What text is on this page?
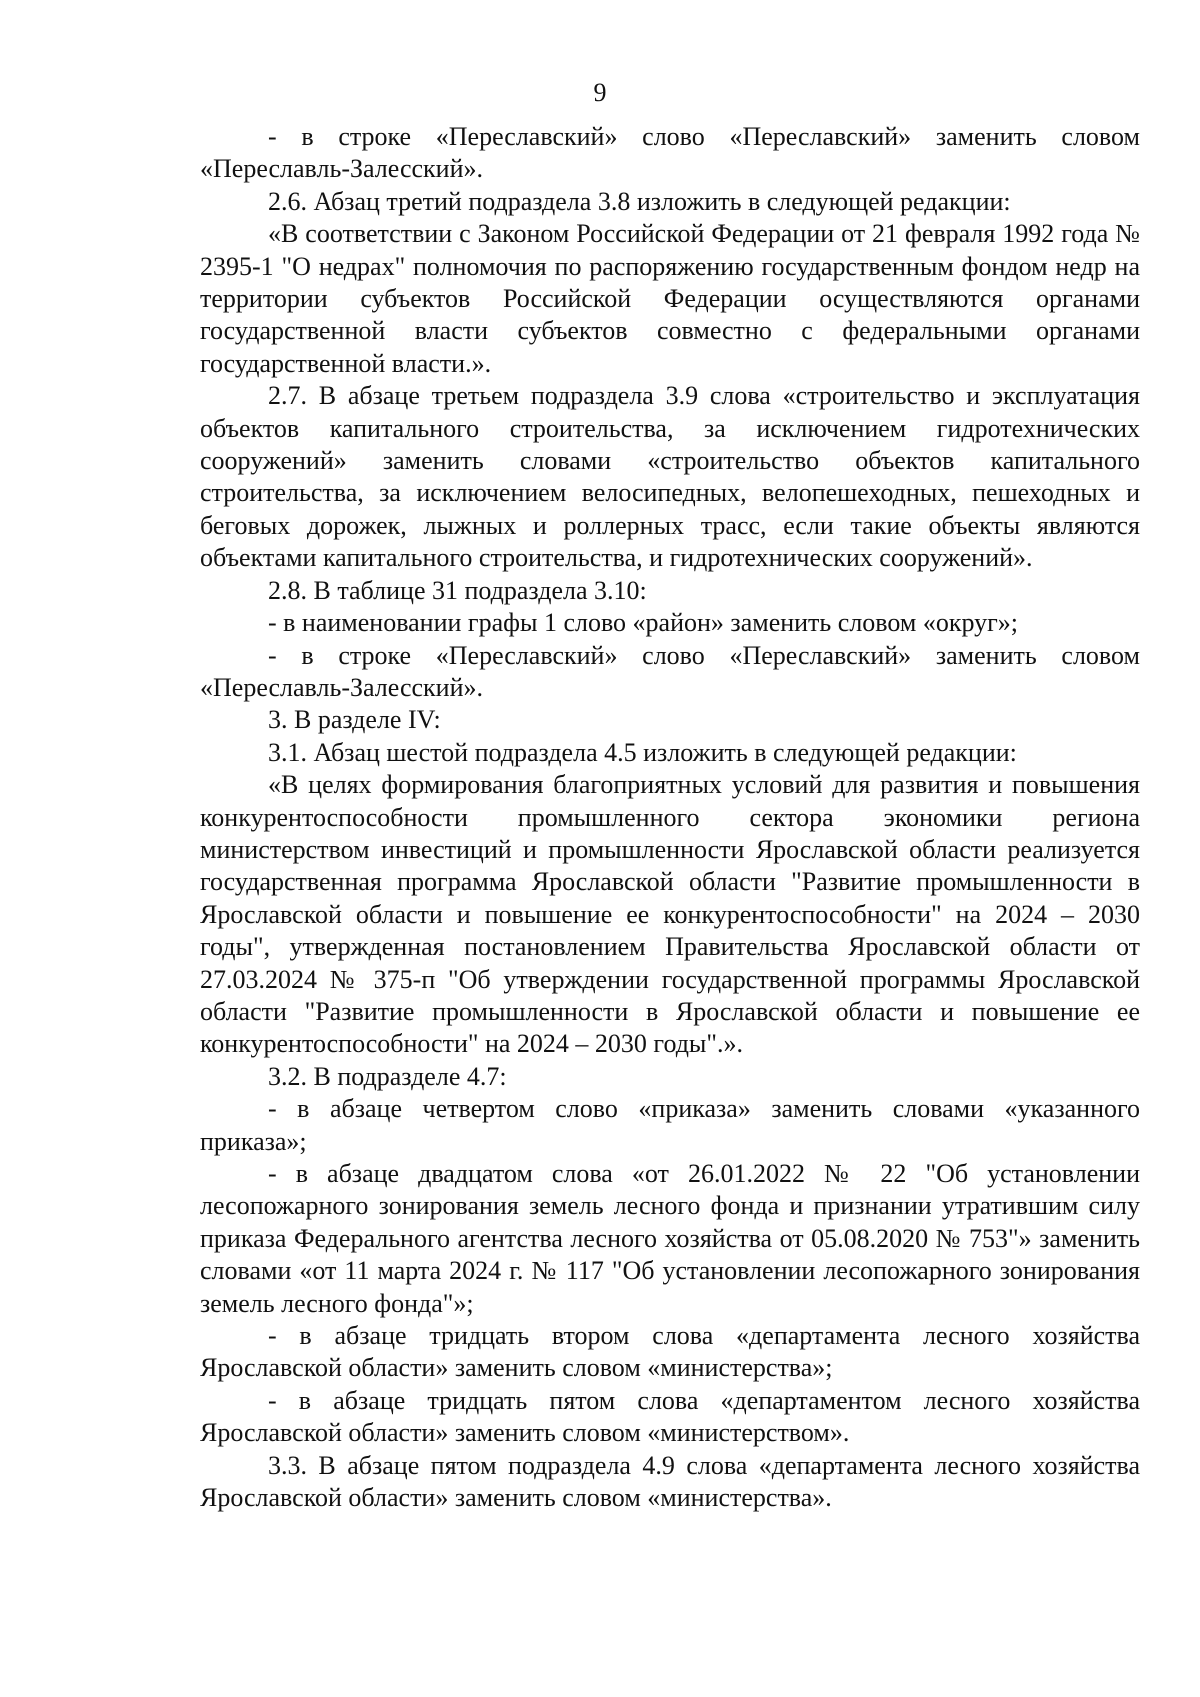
9

- в строке «Переславский» слово «Переславский» заменить словом «Переславль-Залесский».

2.6. Абзац третий подраздела 3.8 изложить в следующей редакции:

«В соответствии с Законом Российской Федерации от 21 февраля 1992 года № 2395-1 "О недрах" полномочия по распоряжению государственным фондом недр на территории субъектов Российской Федерации осуществляются органами государственной власти субъектов совместно с федеральными органами государственной власти.».

2.7. В абзаце третьем подраздела 3.9 слова «строительство и эксплуатация объектов капитального строительства, за исключением гидротехнических сооружений» заменить словами «строительство объектов капитального строительства, за исключением велосипедных, велопешеходных, пешеходных и беговых дорожек, лыжных и роллерных трасс, если такие объекты являются объектами капитального строительства, и гидротехнических сооружений».

2.8. В таблице 31 подраздела 3.10:

- в наименовании графы 1 слово «район» заменить словом «округ»;

- в строке «Переславский» слово «Переславский» заменить словом «Переславль-Залесский».

3. В разделе IV:

3.1. Абзац шестой подраздела 4.5 изложить в следующей редакции:

«В целях формирования благоприятных условий для развития и повышения конкурентоспособности промышленного сектора экономики региона министерством инвестиций и промышленности Ярославской области реализуется государственная программа Ярославской области "Развитие промышленности в Ярославской области и повышение ее конкурентоспособности" на 2024 – 2030 годы", утвержденная постановлением Правительства Ярославской области от 27.03.2024 № 375-п "Об утверждении государственной программы Ярославской области "Развитие промышленности в Ярославской области и повышение ее конкурентоспособности" на 2024 – 2030 годы".».

3.2. В подразделе 4.7:

- в абзаце четвертом слово «приказа» заменить словами «указанного приказа»;

- в абзаце двадцатом слова «от 26.01.2022 № 22 "Об установлении лесопожарного зонирования земель лесного фонда и признании утратившим силу приказа Федерального агентства лесного хозяйства от 05.08.2020 № 753"» заменить словами «от 11 марта 2024 г. № 117 "Об установлении лесопожарного зонирования земель лесного фонда"»;

- в абзаце тридцать втором слова «департамента лесного хозяйства Ярославской области» заменить словом «министерства»;

- в абзаце тридцать пятом слова «департаментом лесного хозяйства Ярославской области» заменить словом «министерством».

3.3. В абзаце пятом подраздела 4.9 слова «департамента лесного хозяйства Ярославской области» заменить словом «министерства».
